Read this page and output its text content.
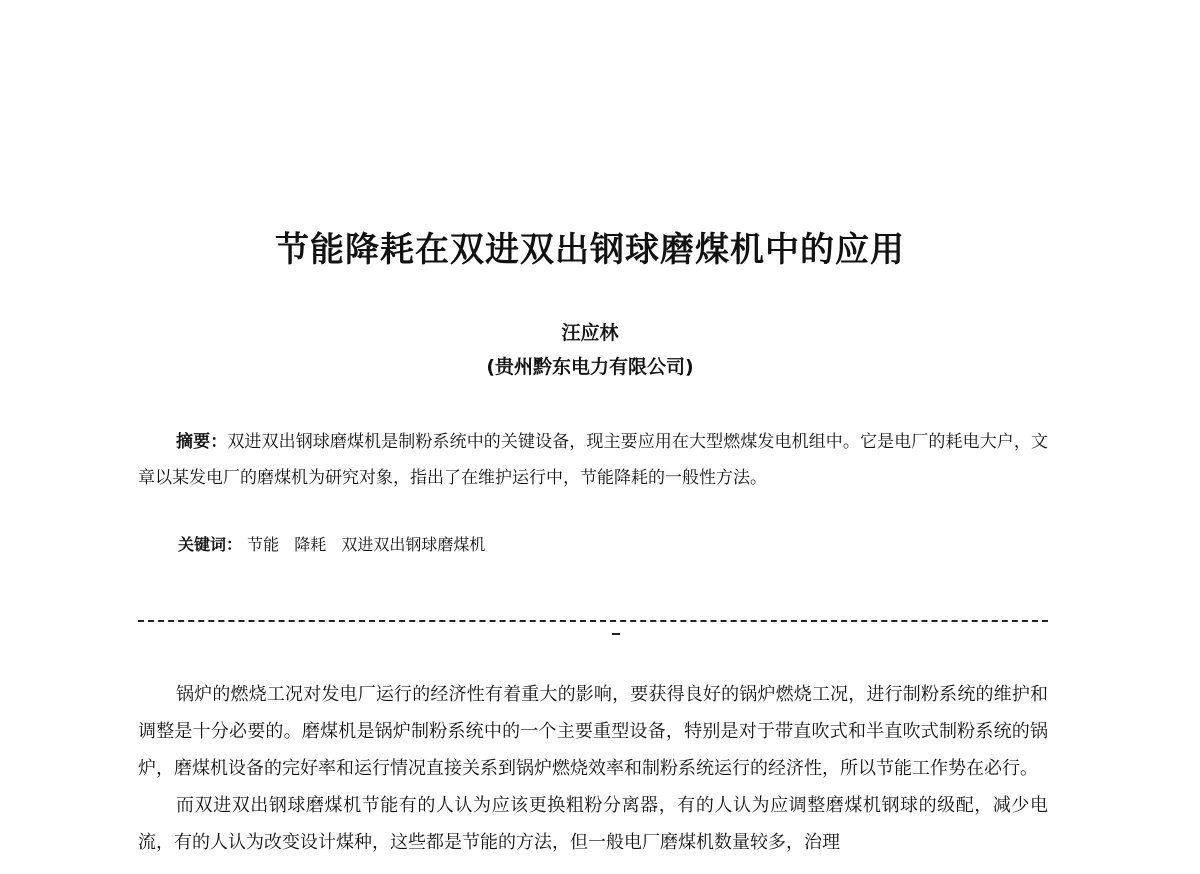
节能降耗在双进双出钢球磨煤机中的应用
汪应林
(贵州黔东电力有限公司)
摘要：双进双出钢球磨煤机是制粉系统中的关键设备，现主要应用在大型燃煤发电机组中。它是电厂的耗电大户，文章以某发电厂的磨煤机为研究对象，指出了在维护运行中，节能降耗的一般性方法。
关键词： 节能 降耗 双进双出钢球磨煤机

锅炉的燃烧工况对发电厂运行的经济性有着重大的影响，要获得良好的锅炉燃烧工况，进行制粉系统的维护和调整是十分必要的。磨煤机是锅炉制粉系统中的一个主要重型设备，特别是对于带直吹式和半直吹式制粉系统的锅炉，磨煤机设备的完好率和运行情况直接关系到锅炉燃烧效率和制粉系统运行的经济性，所以节能工作势在必行。

而双进双出钢球磨煤机节能有的人认为应该更换粗粉分离器，有的人认为应调整磨煤机钢球的级配，减少电流，有的人认为改变设计煤种，这些都是节能的方法，但一般电厂磨煤机数量较多，治理
